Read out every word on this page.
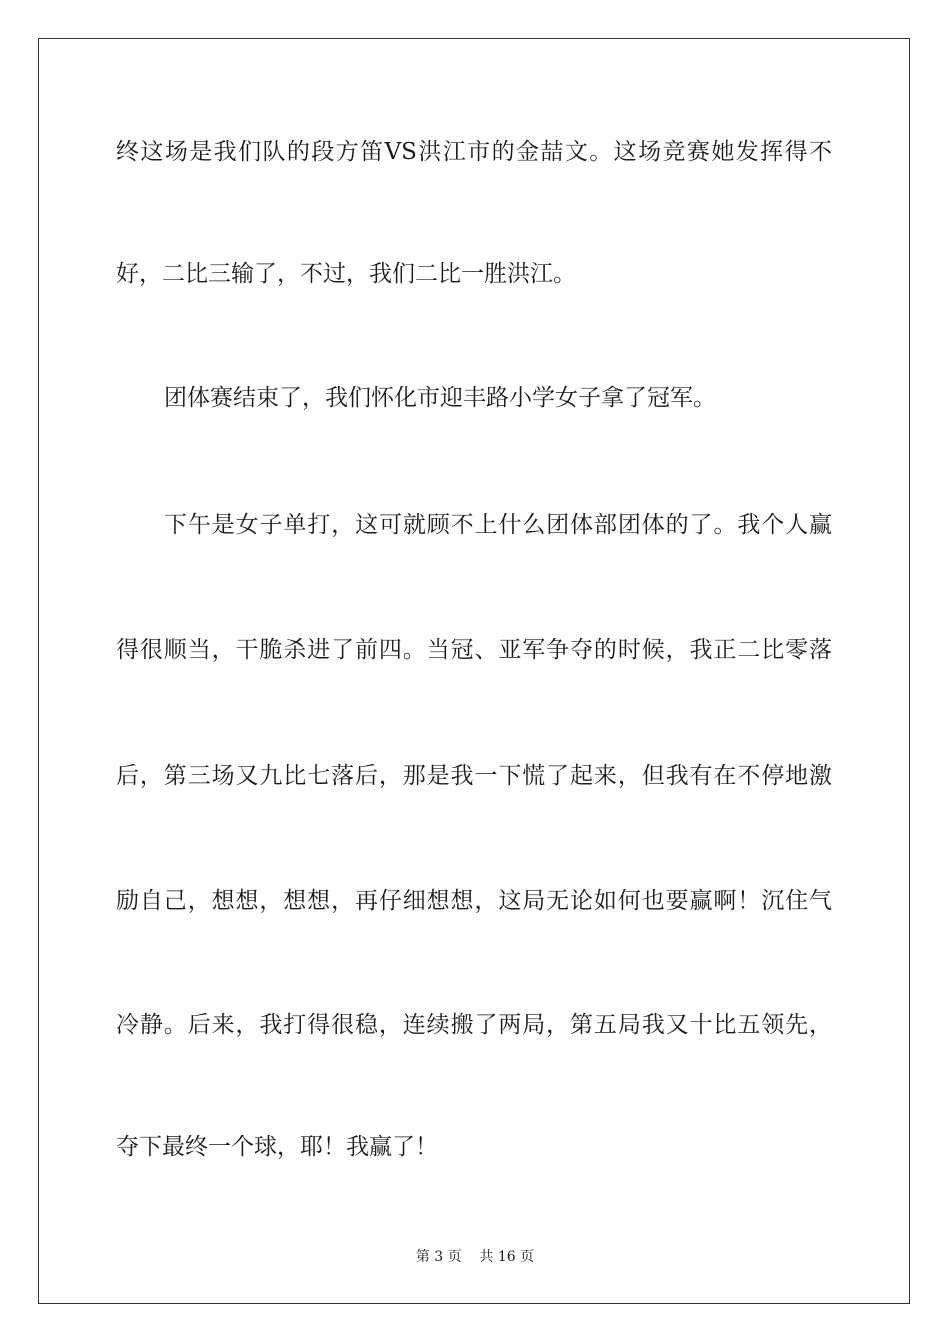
终这场是我们队的段方笛VS洪江市的金喆文。这场竞赛她发挥得不
好，二比三输了，不过，我们二比一胜洪江。
团体赛结束了，我们怀化市迎丰路小学女子拿了冠军。
下午是女子单打，这可就顾不上什么团体部团体的了。我个人赢
得很顺当，干脆杀进了前四。当冠、亚军争夺的时候，我正二比零落
后，第三场又九比七落后，那是我一下慌了起来，但我有在不停地激
励自己，想想，想想，再仔细想想，这局无论如何也要赢啊！沉住气
冷静。后来，我打得很稳，连续搬了两局，第五局我又十比五领先，
夺下最终一个球，耶！我赢了！
第 3 页    共 16 页
